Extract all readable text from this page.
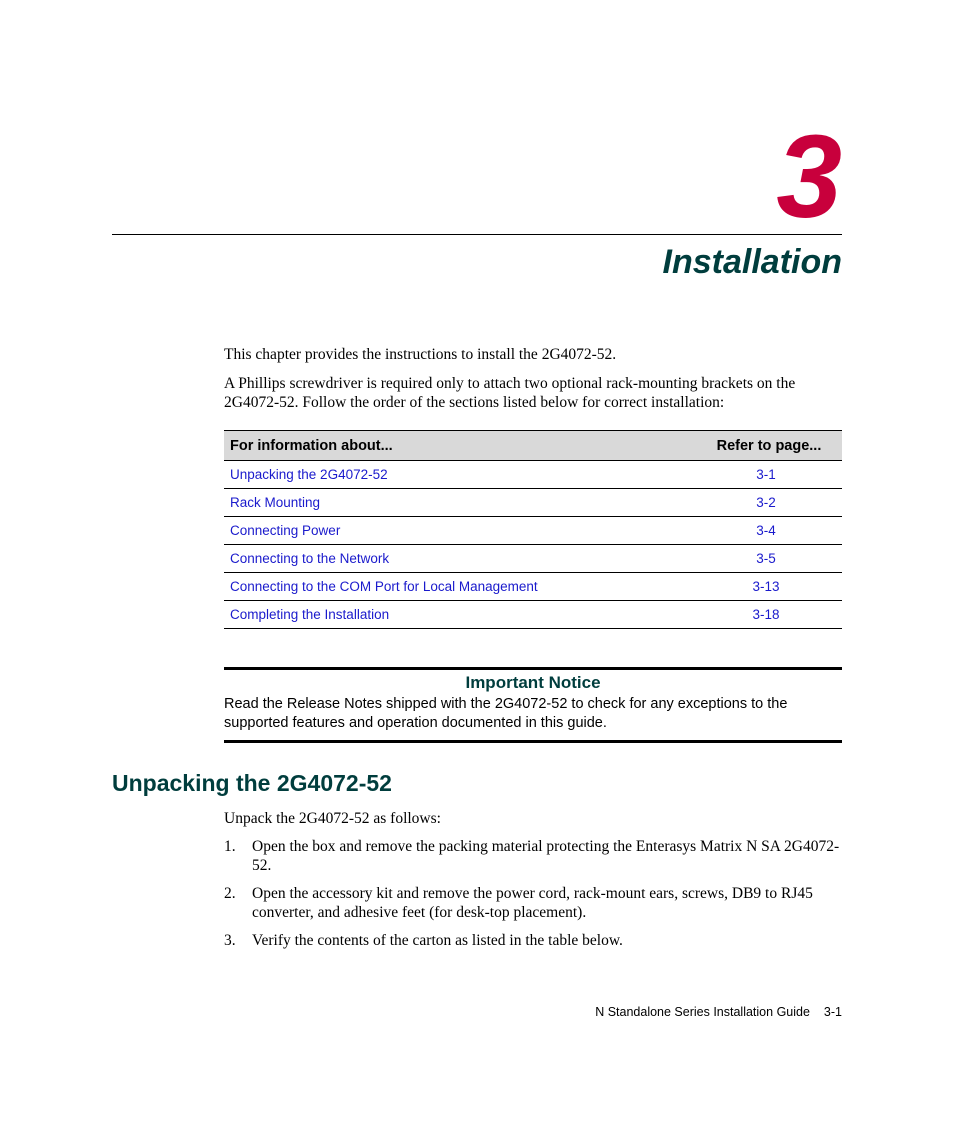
3
Installation

This chapter provides the instructions to install the 2G4072-52.

A Phillips screwdriver is required only to attach two optional rack-mounting brackets on the 2G4072-52. Follow the order of the sections listed below for correct installation:

For information about...	Refer to page...
Unpacking the 2G4072-52	3-1
Rack Mounting	3-2
Connecting Power	3-4
Connecting to the Network	3-5
Connecting to the COM Port for Local Management	3-13
Completing the Installation	3-18
Important Notice

Read the Release Notes shipped with the 2G4072-52 to check for any exceptions to the supported features and operation documented in this guide.

Unpacking the 2G4072-52

Unpack the 2G4072-52 as follows:

1.	Open the box and remove the packing material protecting the Enterasys Matrix N SA 2G4072-52.
2.	Open the accessory kit and remove the power cord, rack-mount ears, screws, DB9 to RJ45 converter, and adhesive feet (for desk-top placement).
3.	Verify the contents of the carton as listed in the table below.
N Standalone Series Installation Guide 3-1
